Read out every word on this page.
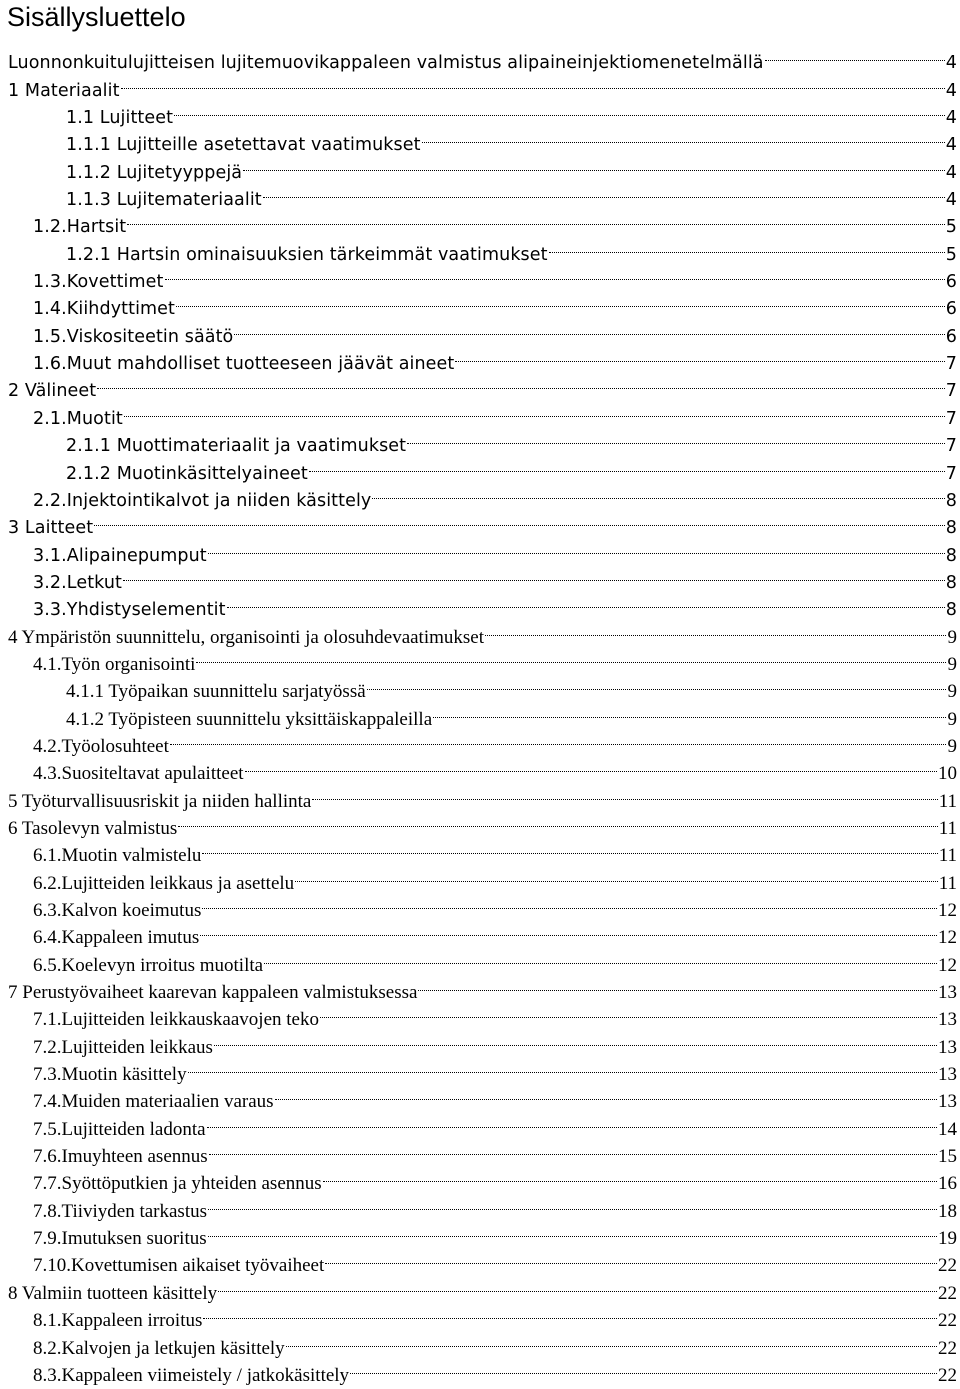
Sisällysluettelo
Luonnonkuitulujitteisen lujitemuovikappaleen valmistus alipaineinjektiomenetelmällä	4
1 Materiaalit	4
1.1 Lujitteet	4
1.1.1 Lujitteille asetettavat vaatimukset	4
1.1.2 Lujitetyyppejä	4
1.1.3 Lujitemateriaalit	4
1.2.Hartsit	5
1.2.1 Hartsin ominaisuuksien tärkeimmät vaatimukset	5
1.3.Kovettimet	6
1.4.Kiihdyttimet	6
1.5.Viskositeetin säätö	6
1.6.Muut mahdolliset tuotteeseen jäävät aineet	7
2 Välineet	7
2.1.Muotit	7
2.1.1 Muottimateriaalit ja vaatimukset	7
2.1.2 Muotinkäsittelyaineet	7
2.2.Injektointikalvot ja niiden käsittely	8
3 Laitteet	8
3.1.Alipainepumput	8
3.2.Letkut	8
3.3.Yhdistyselementit	8
4 Ympäristön suunnittelu, organisointi ja olosuhdevaatimukset	9
4.1.Työn organisointi	9
4.1.1 Työpaikan suunnittelu sarjatyössä	9
4.1.2 Työpisteen suunnittelu yksittäiskappaleilla	9
4.2.Työolosuhteet	9
4.3.Suositeltavat apulaitteet	10
5 Työturvallisuusriskit ja niiden hallinta	11
6 Tasolevyn valmistus	11
6.1.Muotin valmistelu	11
6.2.Lujitteiden leikkaus ja asettelu	11
6.3.Kalvon koeimutus	12
6.4.Kappaleen imutus	12
6.5.Koelevyn irroitus muotilta	12
7 Perustyövaiheet kaarevan kappaleen valmistuksessa	13
7.1.Lujitteiden leikkauskaavojen teko	13
7.2.Lujitteiden leikkaus	13
7.3.Muotin käsittely	13
7.4.Muiden materiaalien varaus	13
7.5.Lujitteiden ladonta	14
7.6.Imuyhteen asennus	15
7.7.Syöttöputkien ja yhteiden asennus	16
7.8.Tiiviyden tarkastus	18
7.9.Imutuksen suoritus	19
7.10.Kovettumisen aikaiset työvaiheet	22
8 Valmiin tuotteen käsittely	22
8.1.Kappaleen irroitus	22
8.2.Kalvojen ja letkujen käsittely	22
8.3.Kappaleen viimeistely / jatkokäsittely	22
